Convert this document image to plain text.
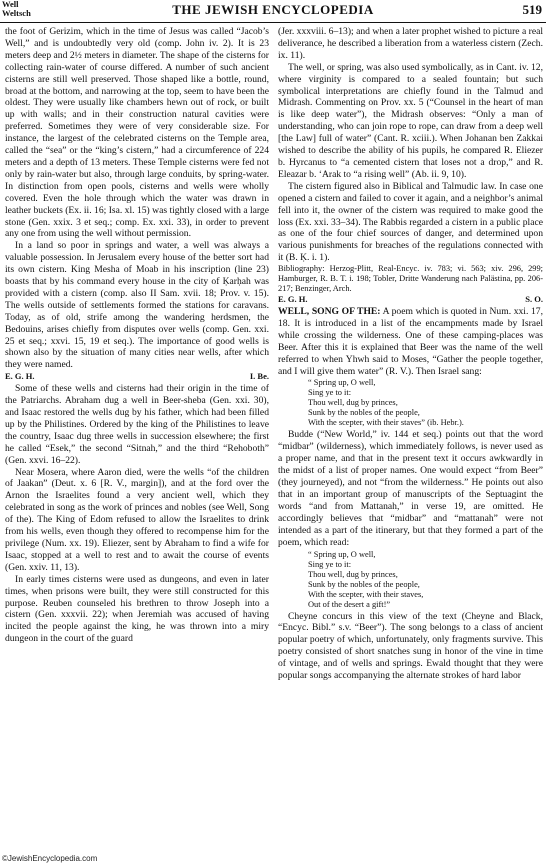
Well
Weltsch	THE JEWISH ENCYCLOPEDIA	519

the foot of Gerizim, which in the time of Jesus was called “Jacob’s Well,” and is undoubtedly very old (comp. John iv. 2). It is 23 meters deep and 2½ meters in diameter. The shape of the cisterns for collecting rain-water of course differed. A number of such ancient cisterns are still well preserved. Those shaped like a bottle, round, broad at the bottom, and narrowing at the top, seem to have been the oldest. They were usually like chambers hewn out of rock, or built up with walls; and in their construction natural cavities were preferred. Sometimes they were of very considerable size. For instance, the largest of the celebrated cisterns on the Temple area, called the “sea” or the “king’s cistern,” had a circumference of 224 meters and a depth of 13 meters. These Temple cisterns were fed not only by rain-water but also, through large conduits, by spring-water. In distinction from open pools, cisterns and wells were wholly covered. Even the hole through which the water was drawn in leather buckets (Ex. ii. 16; Isa. xl. 15) was tightly closed with a large stone (Gen. xxix. 3 et seq.; comp. Ex. xxi. 33), in order to prevent any one from using the well without permission.

In a land so poor in springs and water, a well was always a valuable possession. In Jerusalem every house of the better sort had its own cistern. King Mesha of Moab in his inscription (line 23) boasts that by his command every house in the city of Ḳarḥah was provided with a cistern (comp. also II Sam. xvii. 18; Prov. v. 15). The wells outside of settlements formed the stations for caravans. Today, as of old, strife among the wandering herdsmen, the Bedouins, arises chiefly from disputes over wells (comp. Gen. xxi. 25 et seq.; xxvi. 15, 19 et seq.). The importance of good wells is shown also by the situation of many cities near wells, after which they were named.

E. G. H.	I. Be.

Some of these wells and cisterns had their origin in the time of the Patriarchs. Abraham dug a well in Beer-sheba (Gen. xxi. 30), and Isaac restored the wells dug by his father, which had been filled up by the Philistines. Ordered by the king of the Philistines to leave the country, Isaac dug three wells in succession elsewhere; the first he called “Esek,” the second “Sitnah,” and the third “Rehoboth” (Gen. xxvi. 16–22).

Near Mosera, where Aaron died, were the wells “of the children of Jaakan” (Deut. x. 6 [R. V., margin]), and at the ford over the Arnon the Israelites found a very ancient well, which they celebrated in song as the work of princes and nobles (see Well, Song of the). The King of Edom refused to allow the Israelites to drink from his wells, even though they offered to recompense him for the privilege (Num. xx. 19). Eliezer, sent by Abraham to find a wife for Isaac, stopped at a well to rest and to await the course of events (Gen. xxiv. 11, 13).

In early times cisterns were used as dungeons, and even in later times, when prisons were built, they were still constructed for this purpose. Reuben counseled his brethren to throw Joseph into a cistern (Gen. xxxvii. 22); when Jeremiah was accused of having incited the people against the king, he was thrown into a miry dungeon in the court of the guard

(Jer. xxxviii. 6–13); and when a later prophet wished to picture a real deliverance, he described a liberation from a waterless cistern (Zech. ix. 11).

The well, or spring, was also used symbolically, as in Cant. iv. 12, where virginity is compared to a sealed fountain; but such symbolical interpretations are chiefly found in the Talmud and Midrash. Commenting on Prov. xx. 5 (“Counsel in the heart of man is like deep water”), the Midrash observes: “Only a man of understanding, who can join rope to rope, can draw from a deep well [the Law] full of water” (Cant. R. xciii.). When Johanan ben Zakkai wished to describe the ability of his pupils, he compared R. Eliezer b. Hyrcanus to “a cemented cistern that loses not a drop,” and R. Eleazar b. ‘Arak to “a rising well” (Ab. ii. 9, 10).

The cistern figured also in Biblical and Talmudic law. In case one opened a cistern and failed to cover it again, and a neighbor’s animal fell into it, the owner of the cistern was required to make good the loss (Ex. xxi. 33–34). The Rabbis regarded a cistern in a public place as one of the four chief sources of danger, and determined upon various punishments for breaches of the regulations connected with it (B. Ḳ. i. 1).

Bibliography: Herzog-Plitt, Real-Encyc. iv. 783; vi. 563; xiv. 296, 299; Hamburger, R. B. T. i. 198; Tobler, Dritte Wanderung nach Palästina, pp. 206-217; Benzinger, Arch.

E. G. H.	S. O.

WELL, SONG OF THE: A poem which is quoted in Num. xxi. 17, 18. It is introduced in a list of the encampments made by Israel while crossing the wilderness. One of these camping-places was Beer. After this it is explained that Beer was the name of the well referred to when Yhwh said to Moses, “Gather the people together, and I will give them water” (R. V.). Then Israel sang:

“ Spring up, O well,
Sing ye to it:
Thou well, dug by princes,
Sunk by the nobles of the people,
With the scepter, with their staves” (ib. Hebr.).

Budde (“New World,” iv. 144 et seq.) points out that the word “midbar” (wilderness), which immediately follows, is never used as a proper name, and that in the present text it occurs awkwardly in the midst of a list of proper names. One would expect “from Beer” (they journeyed), and not “from the wilderness.” He points out also that in an important group of manuscripts of the Septuagint the words “and from Mattanah,” in verse 19, are omitted. He accordingly believes that “midbar” and “mattanah” were not intended as a part of the itinerary, but that they formed a part of the poem, which read:

“ Spring up, O well,
Sing ye to it:
Thou well, dug by princes,
Sunk by the nobles of the people,
With the scepter, with their staves,
Out of the desert a gift!”

Cheyne concurs in this view of the text (Cheyne and Black, “Encyc. Bibl.” s.v. “Beer”). The song belongs to a class of ancient popular poetry of which, unfortunately, only fragments survive. This poetry consisted of short snatches sung in honor of the vine in time of vintage, and of wells and springs. Ewald thought that they were popular songs accompanying the alternate strokes of hard labor

©JewishEncyclopedia.com
